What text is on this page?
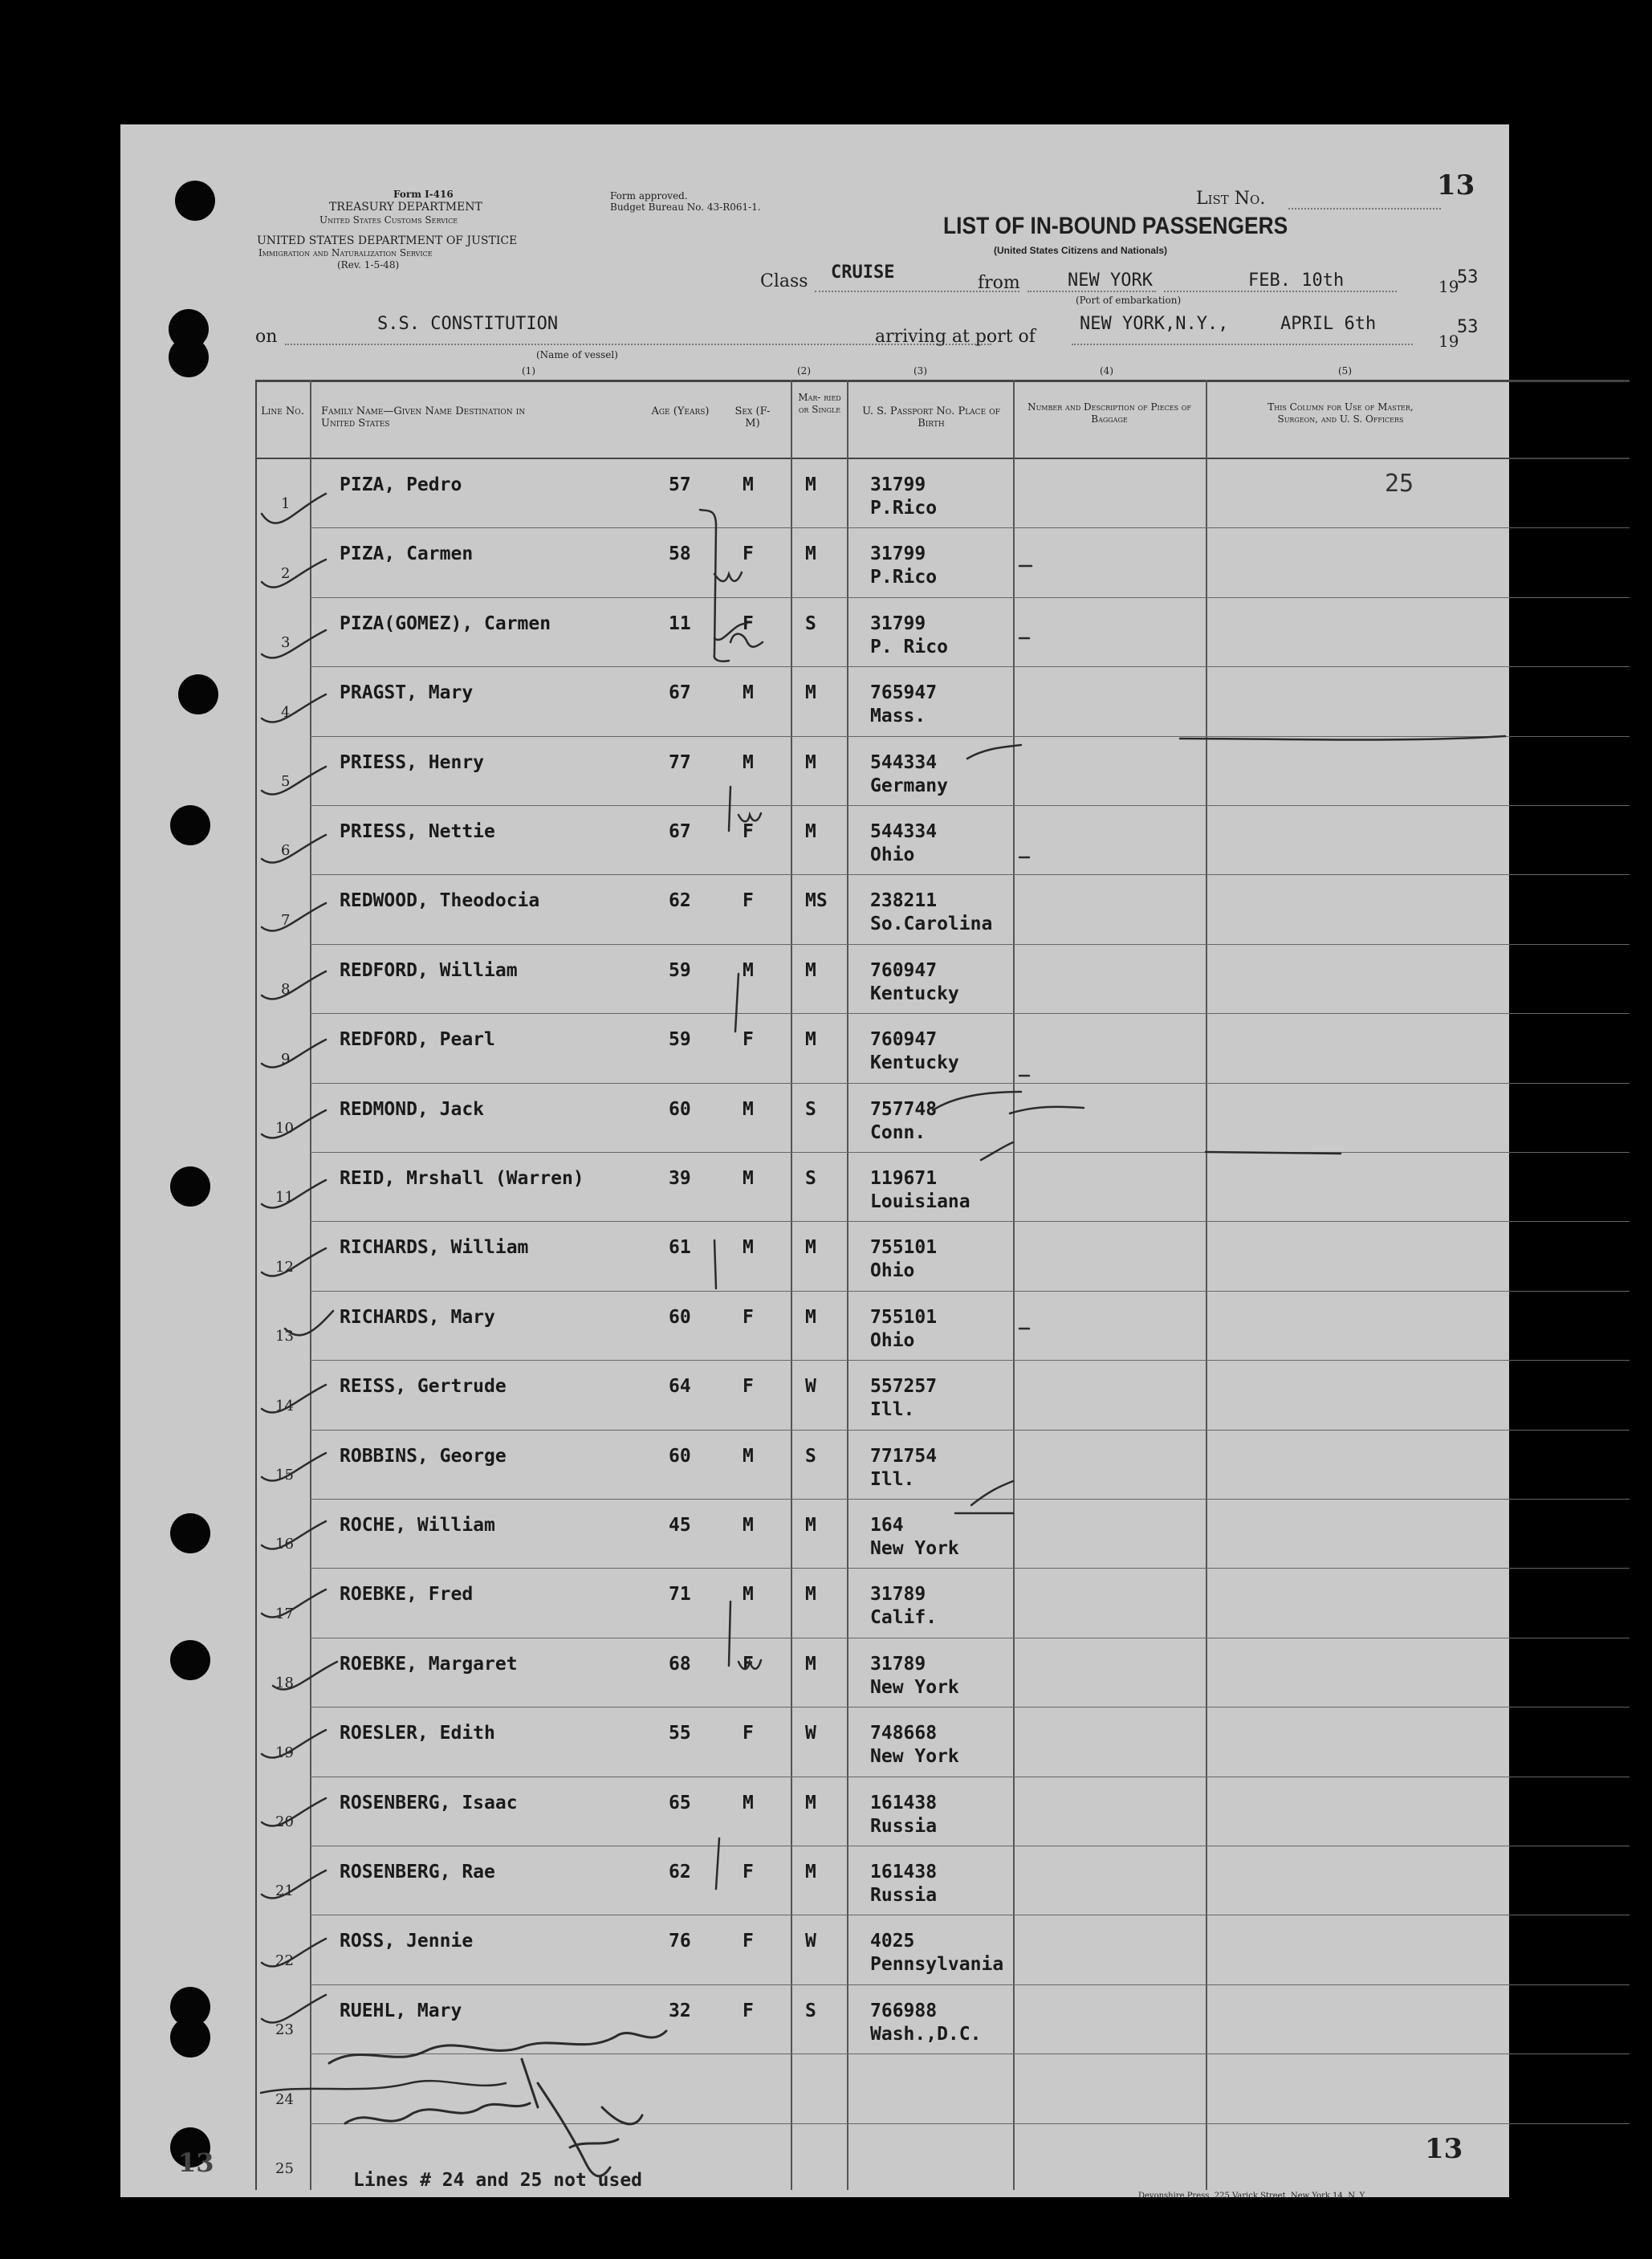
Form I-416
TREASURY DEPARTMENT
United States Customs Service
UNITED STATES DEPARTMENT OF JUSTICE
Immigration and Naturalization Service
(Rev. 1-5-48)
Form approved.
Budget Bureau No. 43-R061-1.	List No.	13
LIST OF IN-BOUND PASSENGERS
(United States Citizens and Nationals)
Class CRUISE
from	NEW YORK	FEB. 10th	19
53
(Port of embarkation)
on
S.S. CONSTITUTION
(Name of vessel)
arriving at port of
NEW YORK,N.Y.,	APRIL 6th
19
53
(1)	(2)	(3)	(4)	(5)
Line No. Family Name—Given Name Destination in United States
Age (Years)	Sex (F-M)
Mar- ried or Single	U. S. Passport No. Place of Birth
Number and Description of Pieces of Baggage
This Column for Use of Master, Surgeon, and U. S. Officers
25
1
PIZA, Pedro	57	M	M	31799
P.Rico
2
PIZA, Carmen	58	F	M	31799
P.Rico
3
PIZA(GOMEZ), Carmen	11	F	S	31799
P. Rico
4
PRAGST, Mary	67	M	M	765947
Mass.
5
PRIESS, Henry	77	M	M	544334
Germany
6
PRIESS, Nettie	67	F	M	544334
Ohio
7
REDWOOD, Theodocia	62	F	MS 238211
So.Carolina
8
REDFORD, William	59	M	M	760947
Kentucky
9
REDFORD, Pearl	59	F	M	760947
Kentucky
10
REDMOND, Jack	60	M	S	757748
Conn.
11
REID, Mrshall (Warren)	39	M	S	119671
Louisiana
12
RICHARDS, William	61	M	M	755101
Ohio
13
RICHARDS, Mary	60	F	M	755101
Ohio
14
REISS, Gertrude	64	F	W	557257
Ill.
15
ROBBINS, George	60	M	S	771754
Ill.
16
ROCHE, William	45	M	M	164
New York
17
ROEBKE, Fred	71	M	M	31789
Calif.
18
ROEBKE, Margaret	68	F	M	31789
New York
19
ROESLER, Edith	55	F	W	748668
New York
20
ROSENBERG, Isaac	65	M	M	161438
Russia
21
ROSENBERG, Rae	62	F	M	161438
Russia
22
ROSS, Jennie	76	F	W	4025
Pennsylvania
23
RUEHL, Mary	32	F	S	766988
Wash.,D.C.
24
25
Lines # 24 and 25 not used
13
13
Devonshire Press, 225 Varick Street, New York 14, N. Y.
